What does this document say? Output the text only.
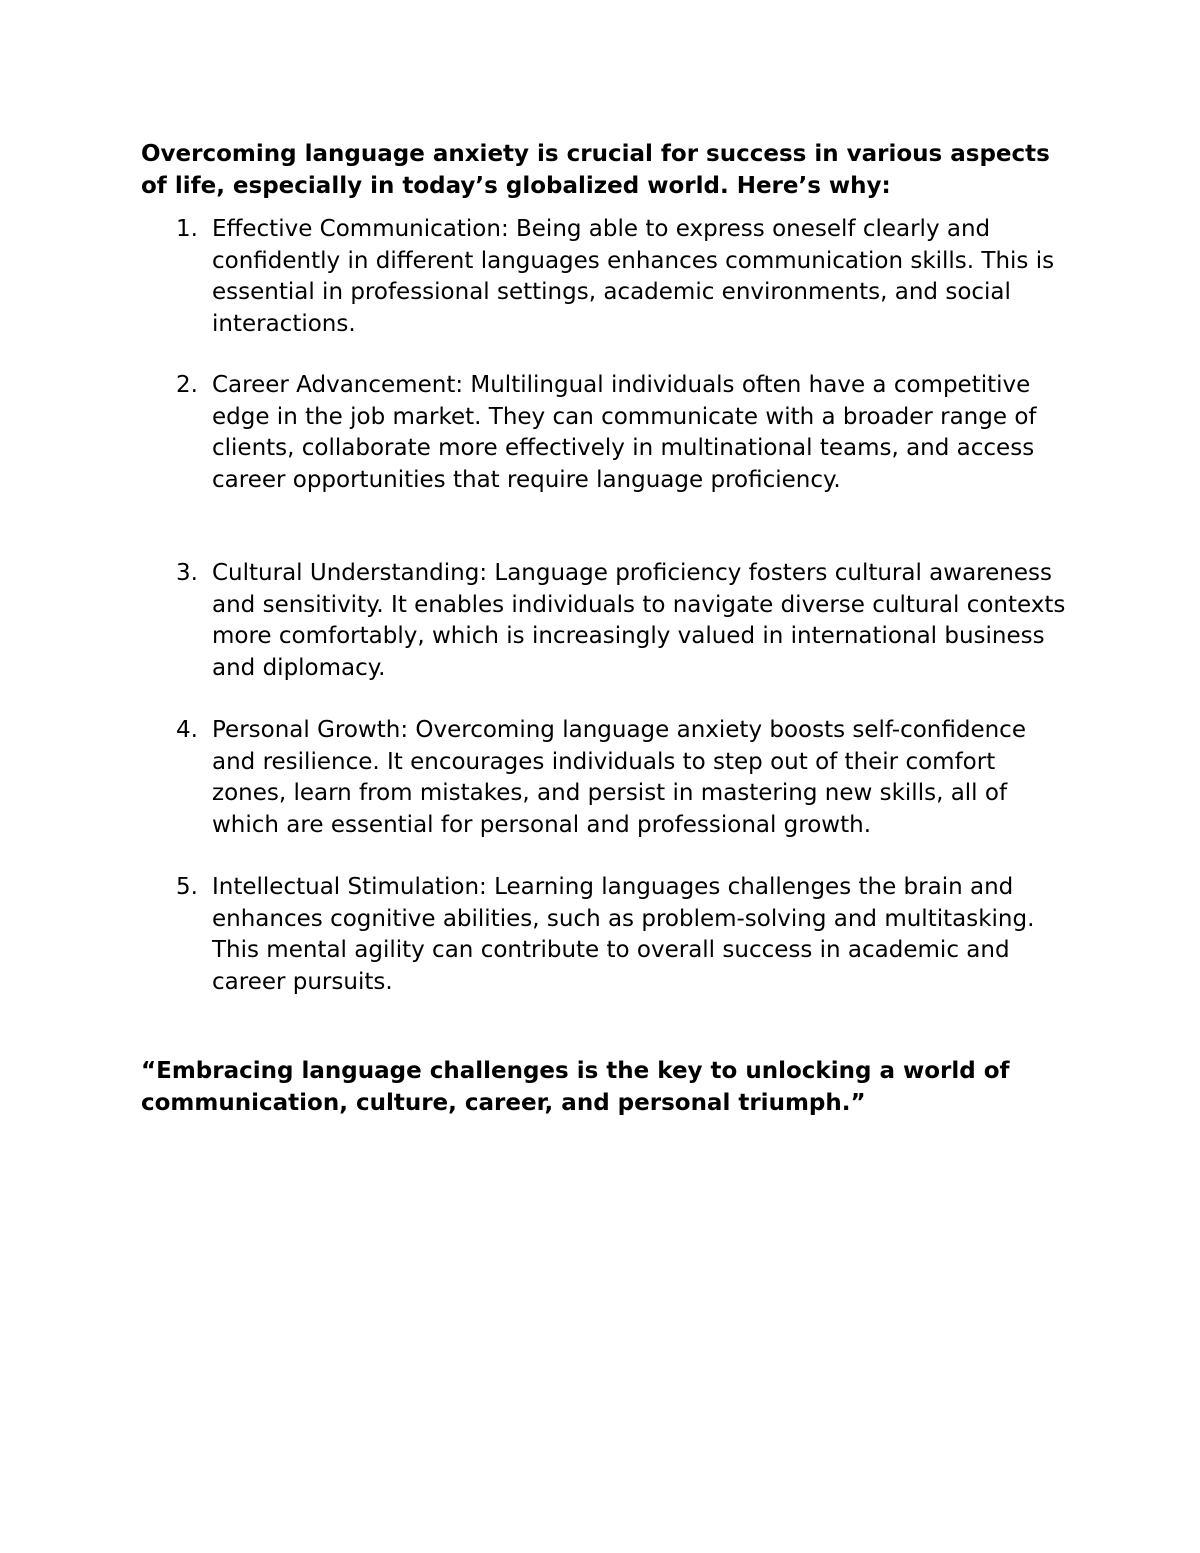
Overcoming language anxiety is crucial for success in various aspects of life, especially in today’s globalized world. Here’s why:

1. Effective Communication: Being able to express oneself clearly and confidently in different languages enhances communication skills. This is essential in professional settings, academic environments, and social interactions.
2. Career Advancement: Multilingual individuals often have a competitive edge in the job market. They can communicate with a broader range of clients, collaborate more effectively in multinational teams, and access career opportunities that require language proficiency.
3. Cultural Understanding: Language proficiency fosters cultural awareness and sensitivity. It enables individuals to navigate diverse cultural contexts more comfortably, which is increasingly valued in international business and diplomacy.
4. Personal Growth: Overcoming language anxiety boosts self-confidence and resilience. It encourages individuals to step out of their comfort zones, learn from mistakes, and persist in mastering new skills, all of which are essential for personal and professional growth.
5. Intellectual Stimulation: Learning languages challenges the brain and enhances cognitive abilities, such as problem-solving and multitasking. This mental agility can contribute to overall success in academic and career pursuits.

“Embracing language challenges is the key to unlocking a world of communication, culture, career, and personal triumph.”
